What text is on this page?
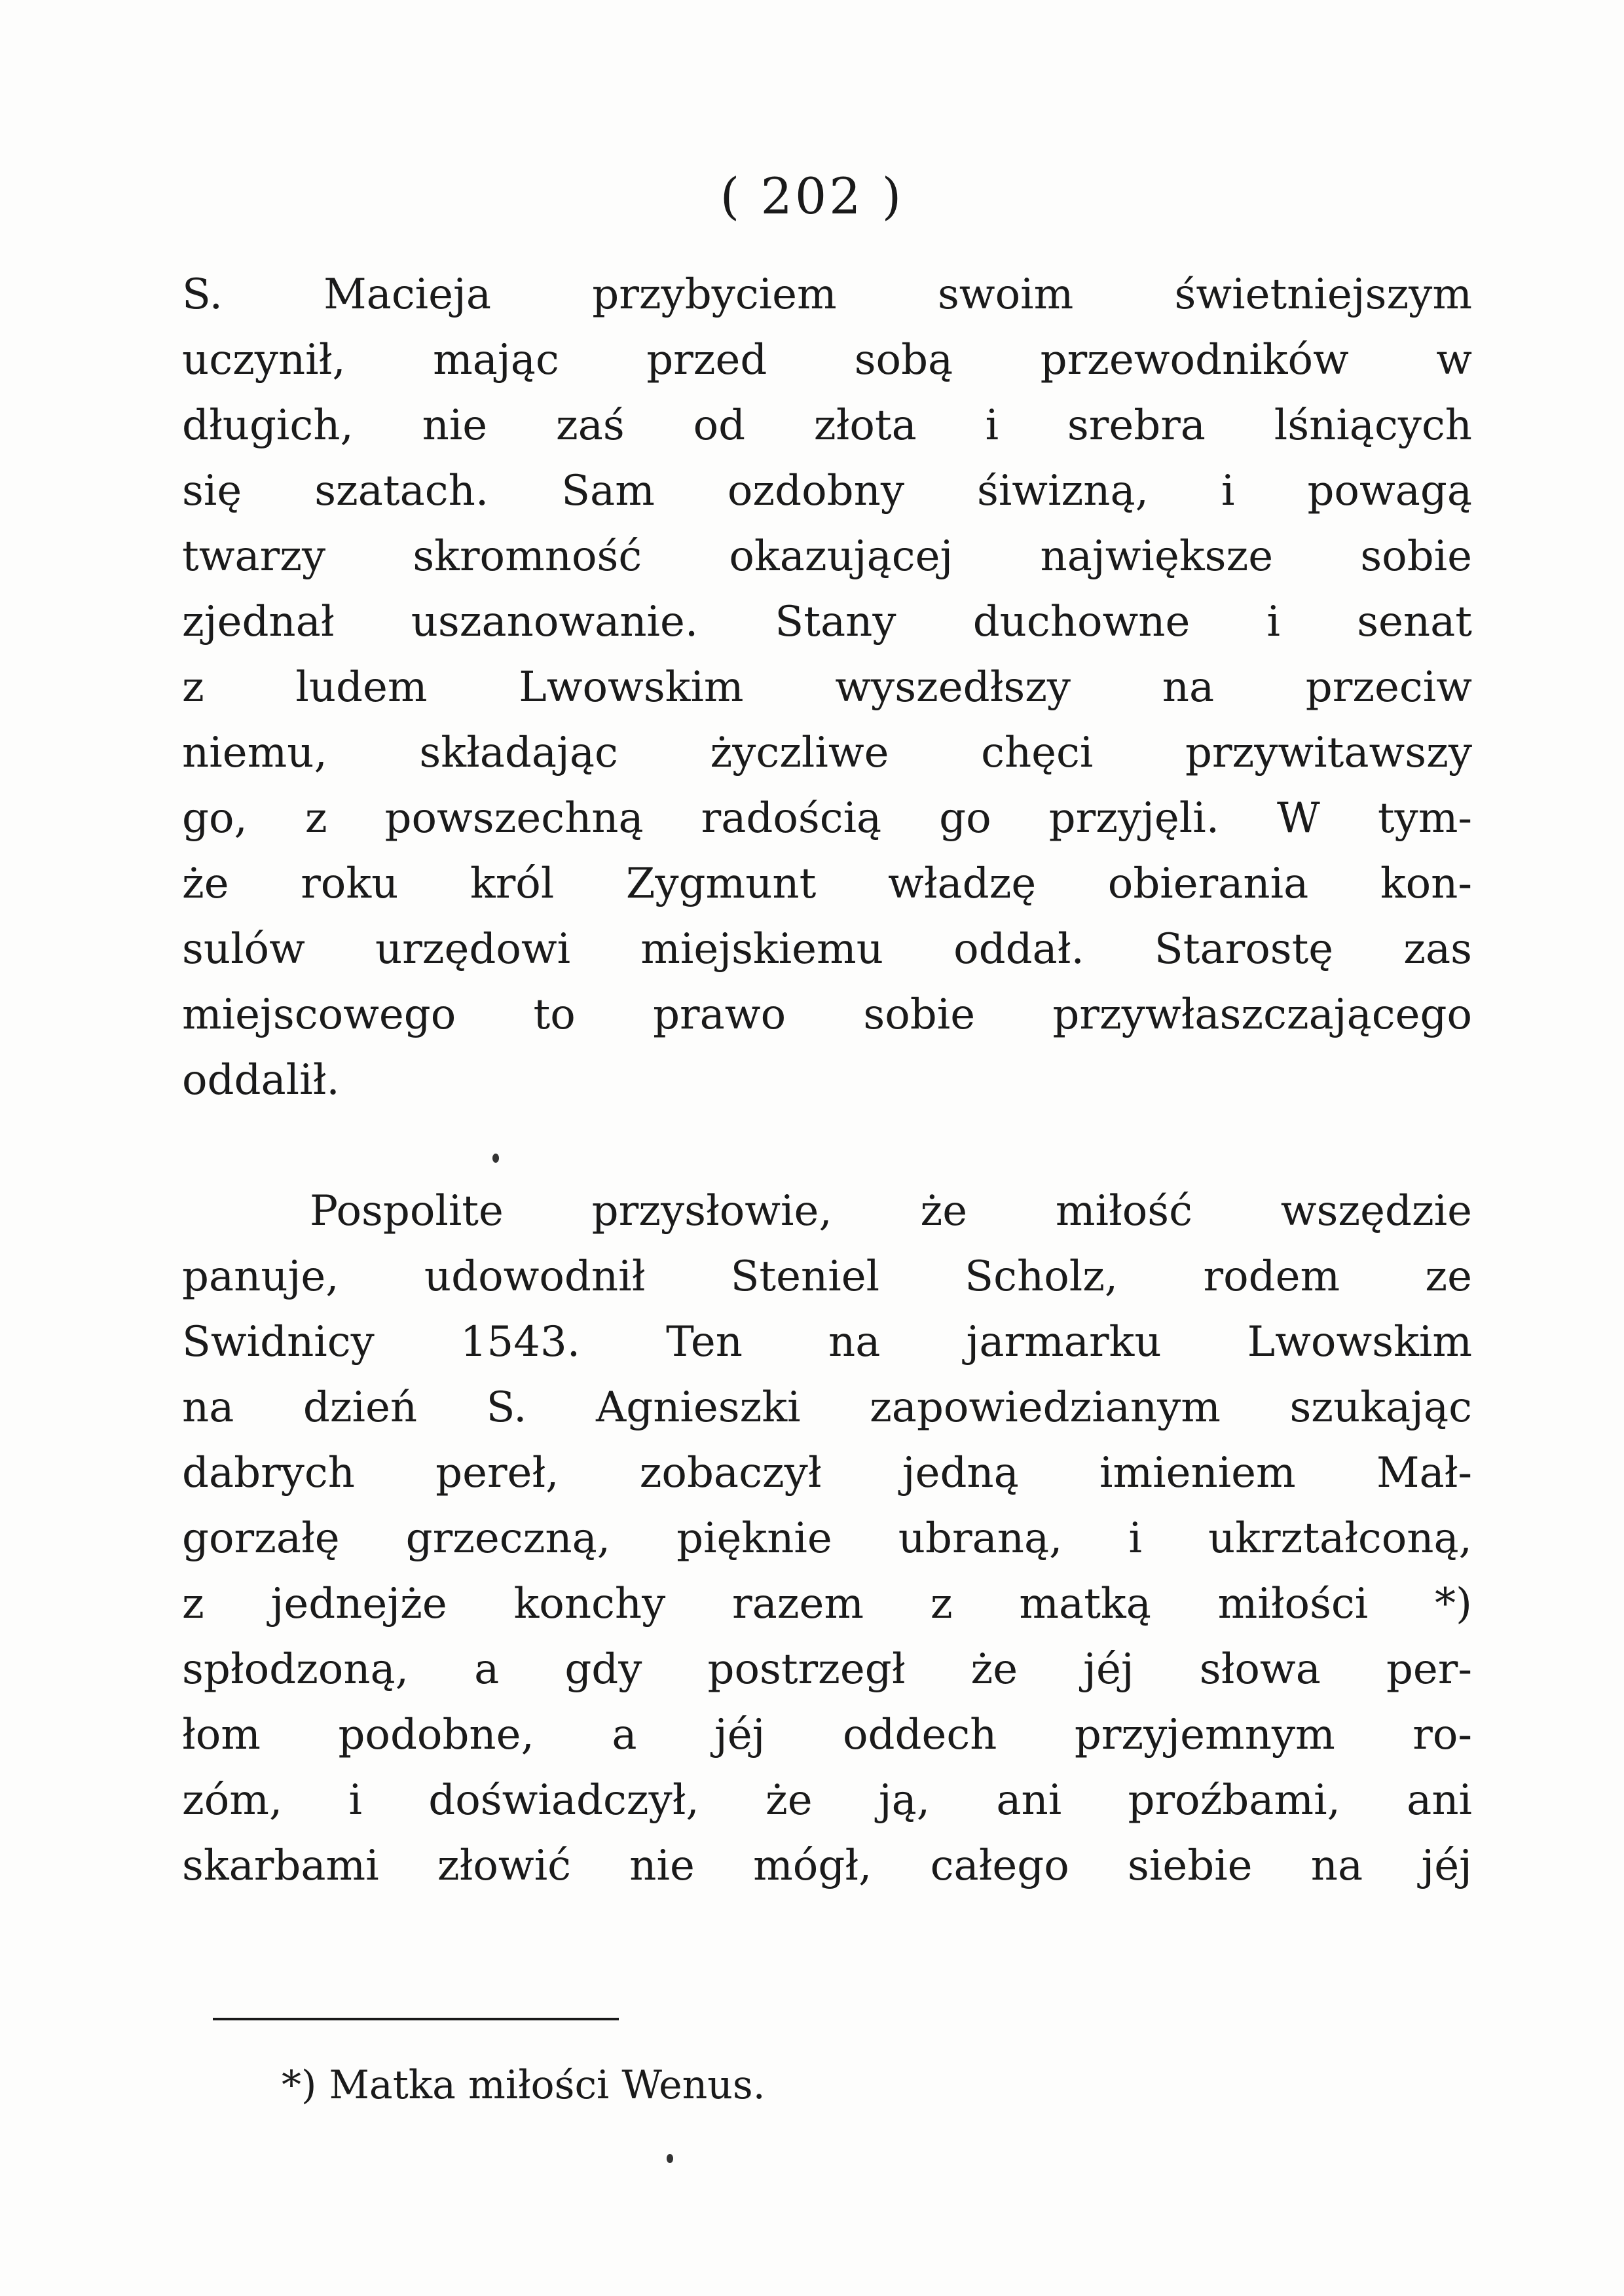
( 202 )
S. Macieja przybyciem swoim świetniejszym
uczynił, mając przed sobą przewodników w
długich, nie zaś od złota i srebra lśniących
się szatach. Sam ozdobny śiwizną, i powagą
twarzy skromność okazującej największe sobie
zjednał uszanowanie. Stany duchowne i senat
z ludem Lwowskim wyszedłszy na przeciw
niemu, składając życzliwe chęci przywitawszy
go, z powszechną radością go przyjęli. W tym-
że roku król Zygmunt władzę obierania kon-
sulów urzędowi miejskiemu oddał. Starostę zas
miejscowego to prawo sobie przywłaszczającego
oddalił.
Pospolite przysłowie, że miłość wszędzie
panuje, udowodnił Steniel Scholz, rodem ze
Swidnicy 1543. Ten na jarmarku Lwowskim
na dzień S. Agnieszki zapowiedzianym szukając
dabrych pereł, zobaczył jedną imieniem Mał-
gorzałę grzeczną, pięknie ubraną, i ukrztałconą,
z jednejże konchy razem z matką miłości *)
spłodzoną, a gdy postrzegł że jéj słowa per-
łom podobne, a jéj oddech przyjemnym ro-
zóm, i doświadczył, że ją, ani proźbami, ani
skarbami złowić nie mógł, całego siebie na jéj
*) Matka miłości Wenus.
